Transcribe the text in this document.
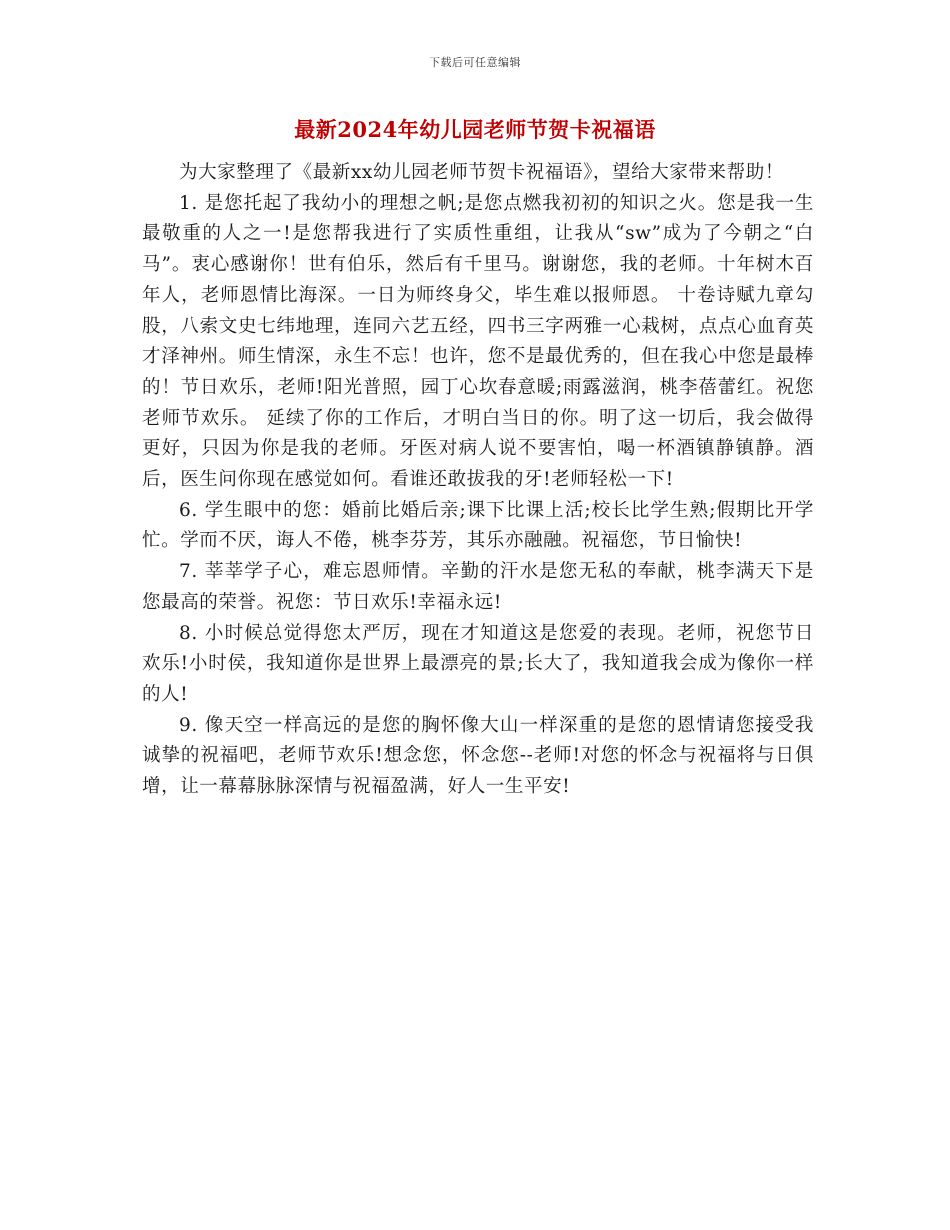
下载后可任意编辑
最新2024年幼儿园老师节贺卡祝福语

为大家整理了《最新xx幼儿园老师节贺卡祝福语》，望给大家带来帮助！

1. 是您托起了我幼小的理想之帆;是您点燃我初初的知识之火。您是我一生最敬重的人之一!是您帮我进行了实质性重组，让我从“sw”成为了今朝之“白马”。衷心感谢你！世有伯乐，然后有千里马。谢谢您，我的老师。十年树木百年人，老师恩情比海深。一日为师终身父，毕生难以报师恩。 十卷诗赋九章勾股，八索文史七纬地理，连同六艺五经，四书三字两雅一心栽树，点点心血育英才泽神州。师生情深，永生不忘！也许，您不是最优秀的，但在我心中您是最棒的！节日欢乐，老师!阳光普照，园丁心坎春意暖;雨露滋润，桃李蓓蕾红。祝您老师节欢乐。 延续了你的工作后，才明白当日的你。明了这一切后，我会做得更好，只因为你是我的老师。牙医对病人说不要害怕，喝一杯酒镇静镇静。酒后，医生问你现在感觉如何。看谁还敢拔我的牙!老师轻松一下!

6. 学生眼中的您：婚前比婚后亲;课下比课上活;校长比学生熟;假期比开学忙。学而不厌，诲人不倦，桃李芬芳，其乐亦融融。祝福您，节日愉快!

7. 莘莘学子心，难忘恩师情。辛勤的汗水是您无私的奉献，桃李满天下是您最高的荣誉。祝您：节日欢乐!幸福永远!

8. 小时候总觉得您太严厉，现在才知道这是您爱的表现。老师，祝您节日欢乐!小时侯，我知道你是世界上最漂亮的景;长大了，我知道我会成为像你一样的人!

9. 像天空一样高远的是您的胸怀像大山一样深重的是您的恩情请您接受我诚挚的祝福吧，老师节欢乐!想念您，怀念您--老师!对您的怀念与祝福将与日俱增，让一幕幕脉脉深情与祝福盈满，好人一生平安!
